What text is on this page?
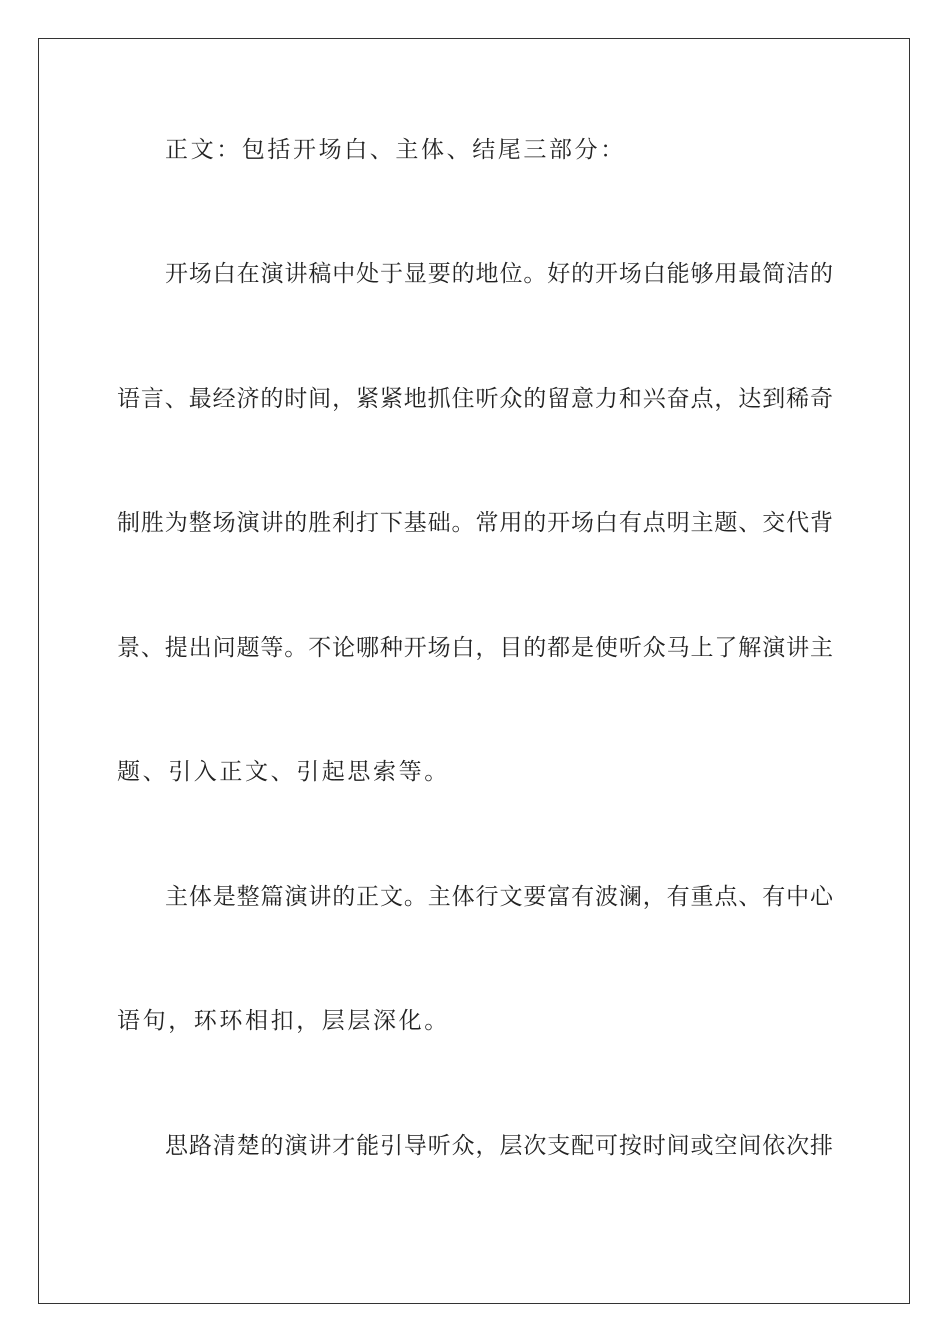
正文：包括开场白、主体、结尾三部分：
开场白在演讲稿中处于显要的地位。好的开场白能够用最简洁的
语言、最经济的时间，紧紧地抓住听众的留意力和兴奋点，达到稀奇
制胜为整场演讲的胜利打下基础。常用的开场白有点明主题、交代背
景、提出问题等。不论哪种开场白，目的都是使听众马上了解演讲主
题、引入正文、引起思索等。
主体是整篇演讲的正文。主体行文要富有波澜，有重点、有中心
语句，环环相扣，层层深化。
思路清楚的演讲才能引导听众，层次支配可按时间或空间依次排
